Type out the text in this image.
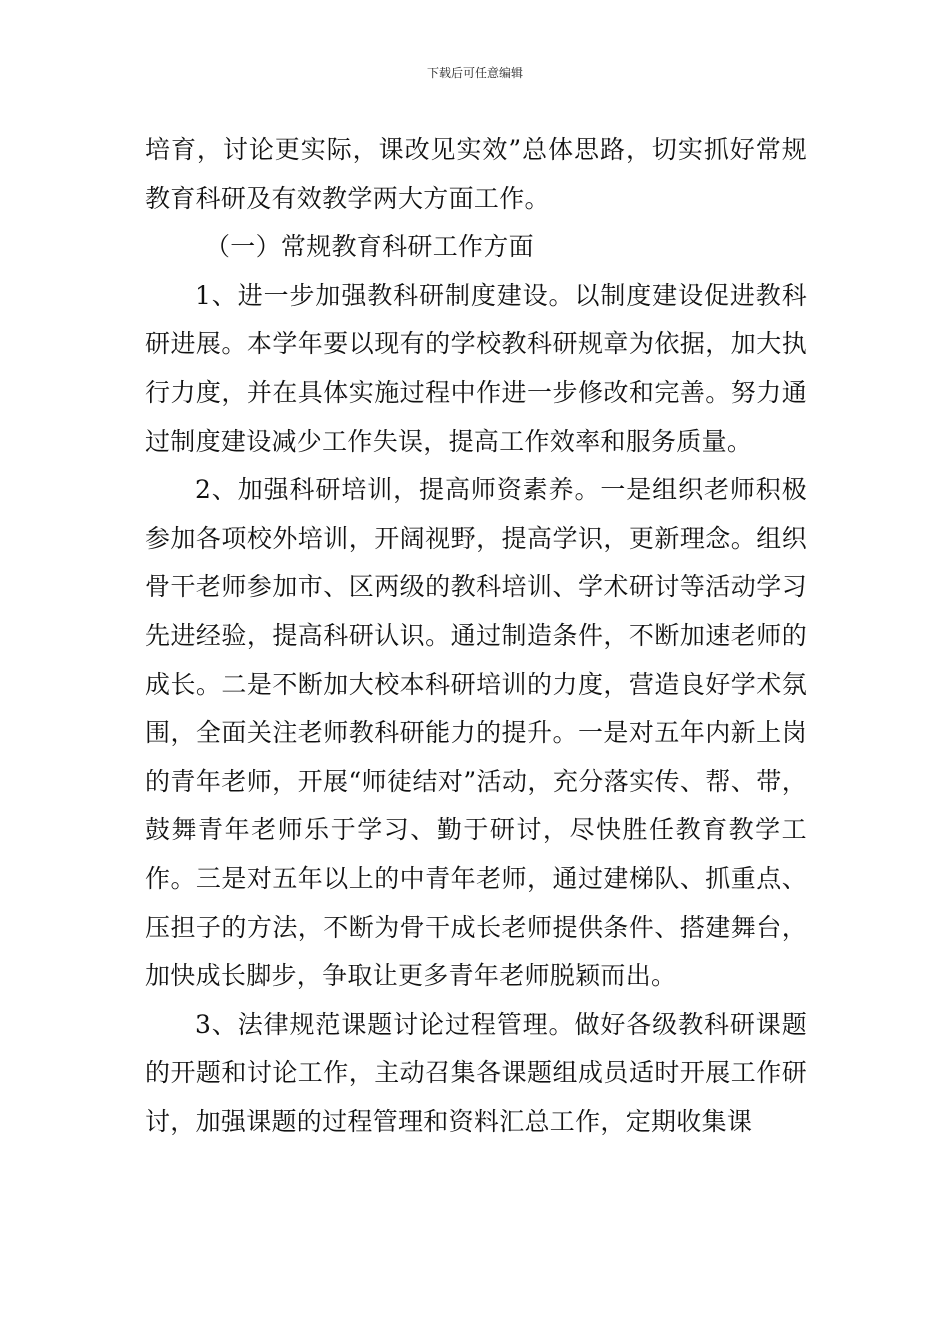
下载后可任意编辑

培育，讨论更实际，课改见实效”总体思路，切实抓好常规教育科研及有效教学两大方面工作。

（一）常规教育科研工作方面

1、进一步加强教科研制度建设。以制度建设促进教科研进展。本学年要以现有的学校教科研规章为依据，加大执行力度，并在具体实施过程中作进一步修改和完善。努力通过制度建设减少工作失误，提高工作效率和服务质量。

2、加强科研培训，提高师资素养。一是组织老师积极参加各项校外培训，开阔视野，提高学识，更新理念。组织骨干老师参加市、区两级的教科培训、学术研讨等活动学习先进经验，提高科研认识。通过制造条件，不断加速老师的成长。二是不断加大校本科研培训的力度，营造良好学术氛围，全面关注老师教科研能力的提升。一是对五年内新上岗的青年老师，开展“师徒结对”活动，充分落实传、帮、带，鼓舞青年老师乐于学习、勤于研讨，尽快胜任教育教学工作。三是对五年以上的中青年老师，通过建梯队、抓重点、压担子的方法，不断为骨干成长老师提供条件、搭建舞台，加快成长脚步，争取让更多青年老师脱颖而出。

3、法律规范课题讨论过程管理。做好各级教科研课题的开题和讨论工作，主动召集各课题组成员适时开展工作研讨，加强课题的过程管理和资料汇总工作，定期收集课
